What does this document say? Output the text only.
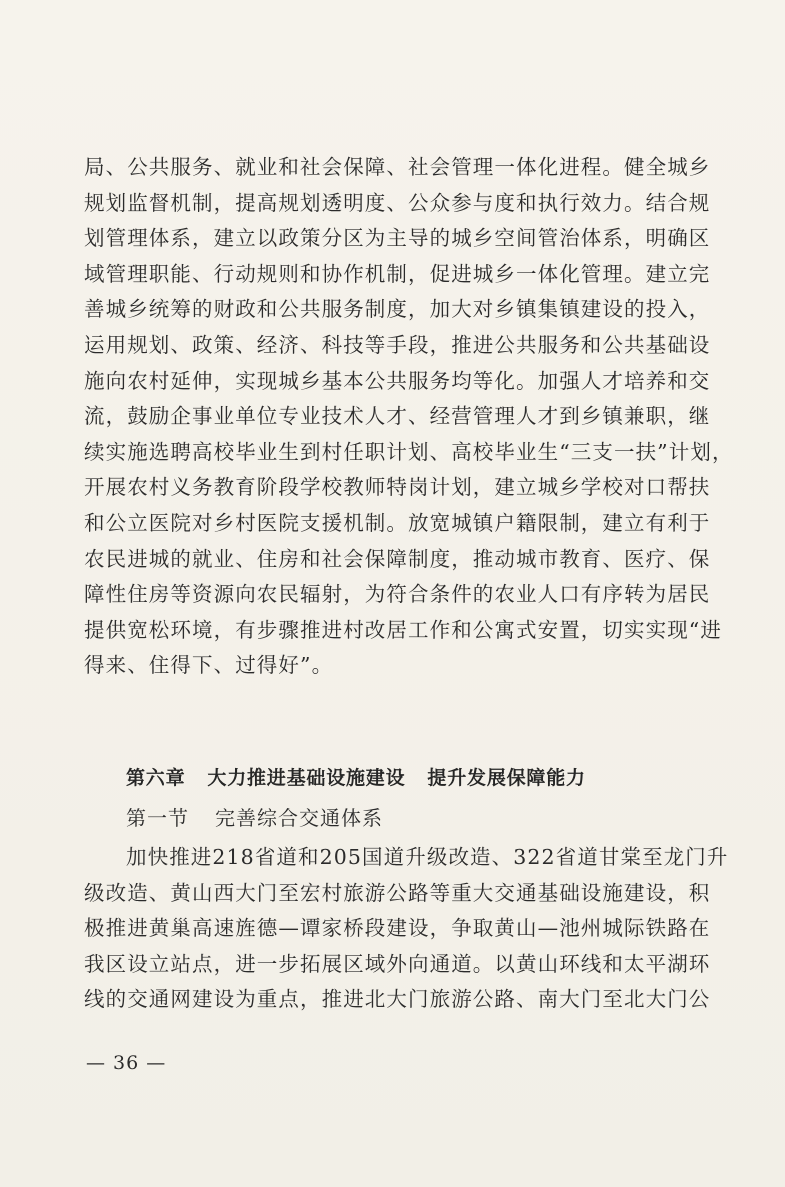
局、公共服务、就业和社会保障、社会管理一体化进程。健全城乡
规划监督机制，提高规划透明度、公众参与度和执行效力。结合规
划管理体系，建立以政策分区为主导的城乡空间管治体系，明确区
域管理职能、行动规则和协作机制，促进城乡一体化管理。建立完
善城乡统筹的财政和公共服务制度，加大对乡镇集镇建设的投入，
运用规划、政策、经济、科技等手段，推进公共服务和公共基础设
施向农村延伸，实现城乡基本公共服务均等化。加强人才培养和交
流，鼓励企事业单位专业技术人才、经营管理人才到乡镇兼职，继
续实施选聘高校毕业生到村任职计划、高校毕业生“三支一扶”计划，
开展农村义务教育阶段学校教师特岗计划，建立城乡学校对口帮扶
和公立医院对乡村医院支援机制。放宽城镇户籍限制，建立有利于
农民进城的就业、住房和社会保障制度，推动城市教育、医疗、保
障性住房等资源向农民辐射，为符合条件的农业人口有序转为居民
提供宽松环境，有步骤推进村改居工作和公寓式安置，切实实现“进
得来、住得下、过得好”。
第六章 大力推进基础设施建设 提升发展保障能力
第一节 完善综合交通体系
加快推进218省道和205国道升级改造、322省道甘棠至龙门升
级改造、黄山西大门至宏村旅游公路等重大交通基础设施建设，积
极推进黄巢高速旌德—谭家桥段建设，争取黄山—池州城际铁路在
我区设立站点，进一步拓展区域外向通道。以黄山环线和太平湖环
线的交通网建设为重点，推进北大门旅游公路、南大门至北大门公
— 36 —
